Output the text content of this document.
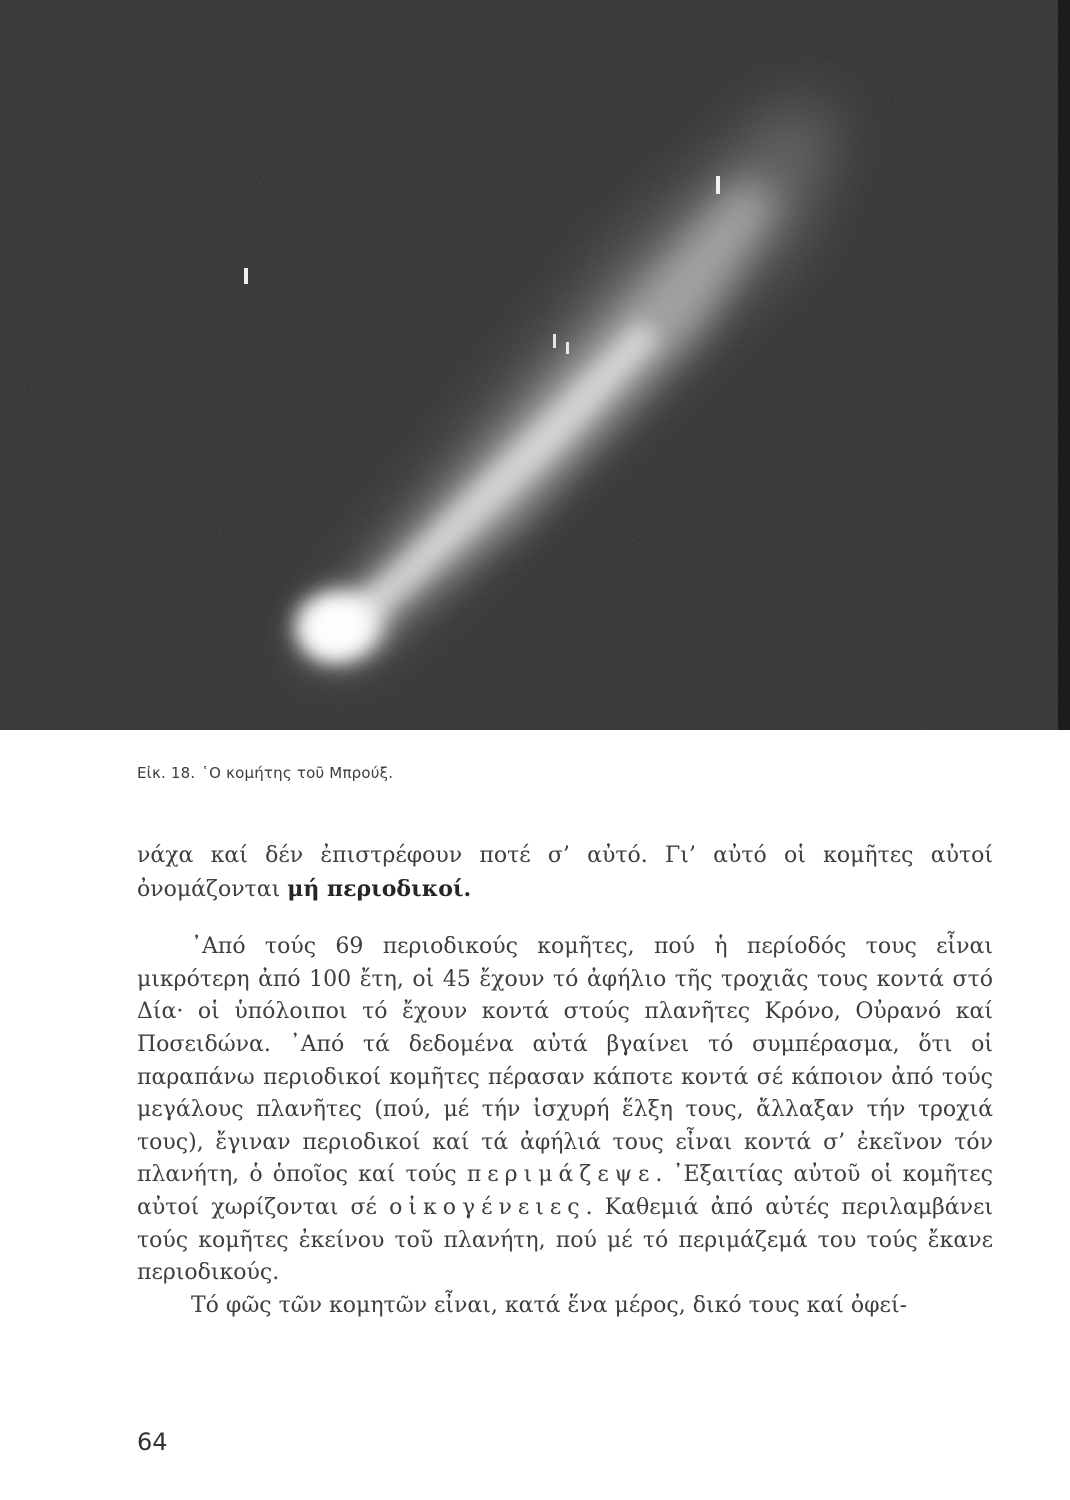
Εἰκ. 18. ῾Ο κομήτης τοῦ Μπρούξ.

νάχα καί δέν ἐπιστρέφουν ποτέ σ’ αὐτό. Γι’ αὐτό οἱ κομῆτες αὐτοί ὀνομάζονται μή περιοδικοί.

᾿Από τούς 69 περιοδικούς κομῆτες, πού ἡ περίοδός τους εἶναι μικρότερη ἀπό 100 ἔτη, οἱ 45 ἔχουν τό ἀφήλιο τῆς τροχιᾶς τους κοντά στό Δία· οἱ ὑπόλοιποι τό ἔχουν κοντά στούς πλανῆτες Κρόνο, Οὐρανό καί Ποσειδώνα. ᾿Από τά δεδομένα αὐτά βγαίνει τό συμπέρασμα, ὅτι οἱ παραπάνω περιοδικοί κομῆτες πέρασαν κάποτε κοντά σέ κάποιον ἀπό τούς μεγάλους πλανῆτες (πού, μέ τήν ἰσχυρή ἕλξη τους, ἄλλαξαν τήν τροχιά τους), ἔγιναν περιοδικοί καί τά ἀφήλιά τους εἶναι κοντά σ’ ἐκεῖνον τόν πλανήτη, ὁ ὁποῖος καί τούς περιμάζεψε. ᾿Εξαιτίας αὐτοῦ οἱ κομῆτες αὐτοί χωρίζονται σέ οἰκογένειες. Καθεμιά ἀπό αὐτές περιλαμβάνει τούς κομῆτες ἐκείνου τοῦ πλανήτη, πού μέ τό περιμάζεμά του τούς ἔκανε περιοδικούς.

Τό φῶς τῶν κομητῶν εἶναι, κατά ἕνα μέρος, δικό τους καί ὀφεί-

64
